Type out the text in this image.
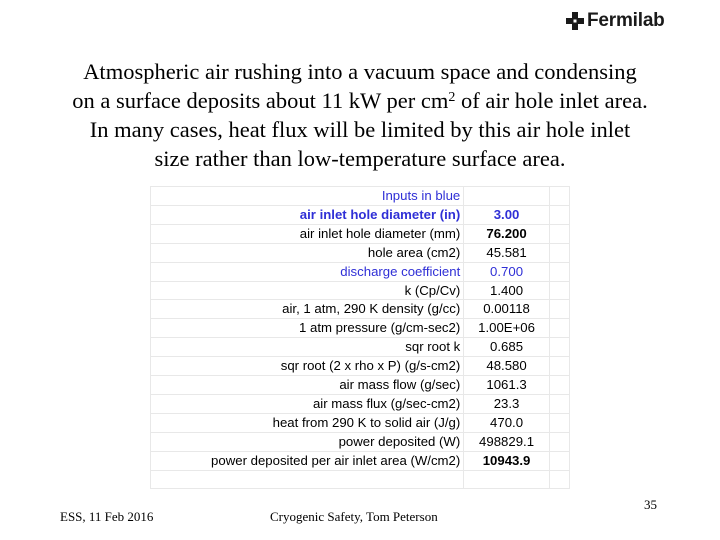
Fermilab
Atmospheric air rushing into a vacuum space and condensing
on a surface deposits about 11 kW per $cm^2$ of air hole inlet area.
In many cases, heat flux will be limited by this air hole inlet
size rather than low-temperature surface area.
Inputs in blue		
air inlet hole diameter (in)	3.00	
air inlet hole diameter (mm)	76.200	
hole area (cm2)	45.581	
discharge coefficient	0.700	
k (Cp/Cv)	1.400	
air, 1 atm, 290 K density (g/cc)	0.00118	
1 atm pressure (g/cm-sec2)	1.00E+06	
sqr root k	0.685	
sqr root (2 x rho x P) (g/s-cm2)	48.580	
air mass flow (g/sec)	1061.3	
air mass flux (g/sec-cm2)	23.3	
heat from 290 K to solid air (J/g)	470.0	
power deposited (W)	498829.1	
power deposited per air inlet area (W/cm2)	10943.9	

ESS, 11 Feb 2016	Cryogenic Safety, Tom Peterson
35
